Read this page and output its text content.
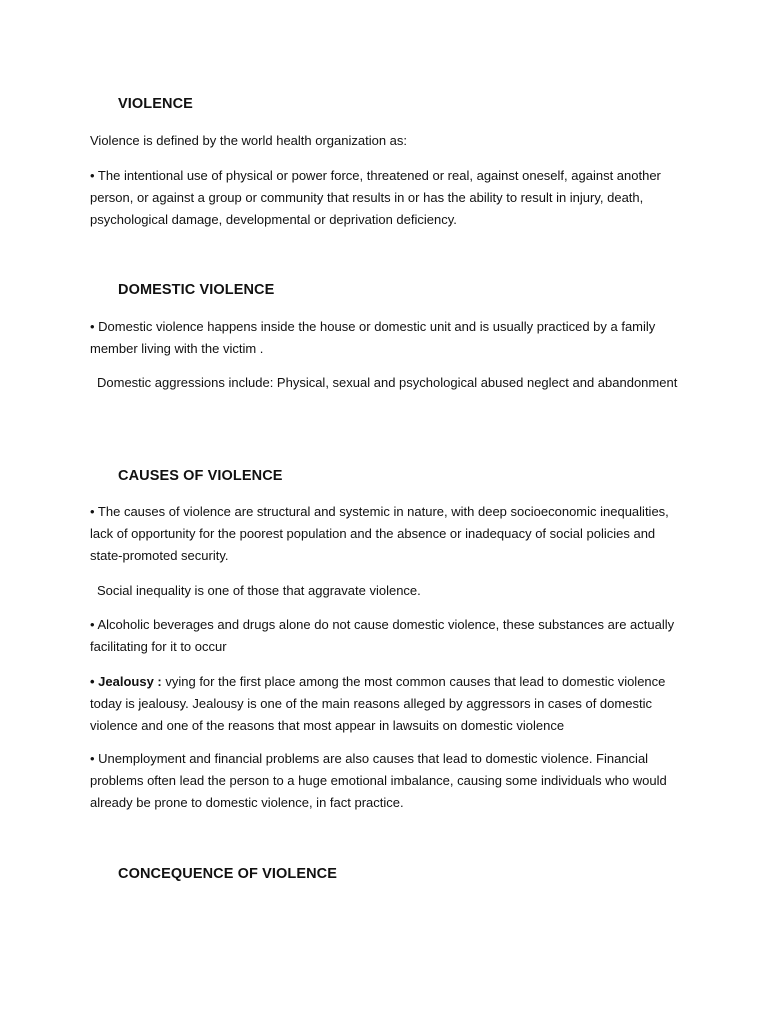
VIOLENCE

Violence is defined by the world health organization as:

• The intentional use of physical or power force, threatened or real, against oneself, against another person, or against a group or community that results in or has the ability to result in injury, death, psychological damage, developmental or deprivation deficiency.

DOMESTIC VIOLENCE

• Domestic violence happens inside the house or domestic unit and is usually practiced by a family member living with the victim .

Domestic aggressions include: Physical, sexual and psychological abused neglect and abandonment

CAUSES OF VIOLENCE

• The causes of violence are structural and systemic in nature, with deep socioeconomic inequalities, lack of opportunity for the poorest population and the absence or inadequacy of social policies and state-promoted security.

Social inequality is one of those that aggravate violence.

• Alcoholic beverages and drugs alone do not cause domestic violence, these substances are actually facilitating for it to occur

• Jealousy : vying for the first place among the most common causes that lead to domestic violence today is jealousy. Jealousy is one of the main reasons alleged by aggressors in cases of domestic violence and one of the reasons that most appear in lawsuits on domestic violence

• Unemployment and financial problems are also causes that lead to domestic violence. Financial problems often lead the person to a huge emotional imbalance, causing some individuals who would already be prone to domestic violence, in fact practice.

CONCEQUENCE OF VIOLENCE
